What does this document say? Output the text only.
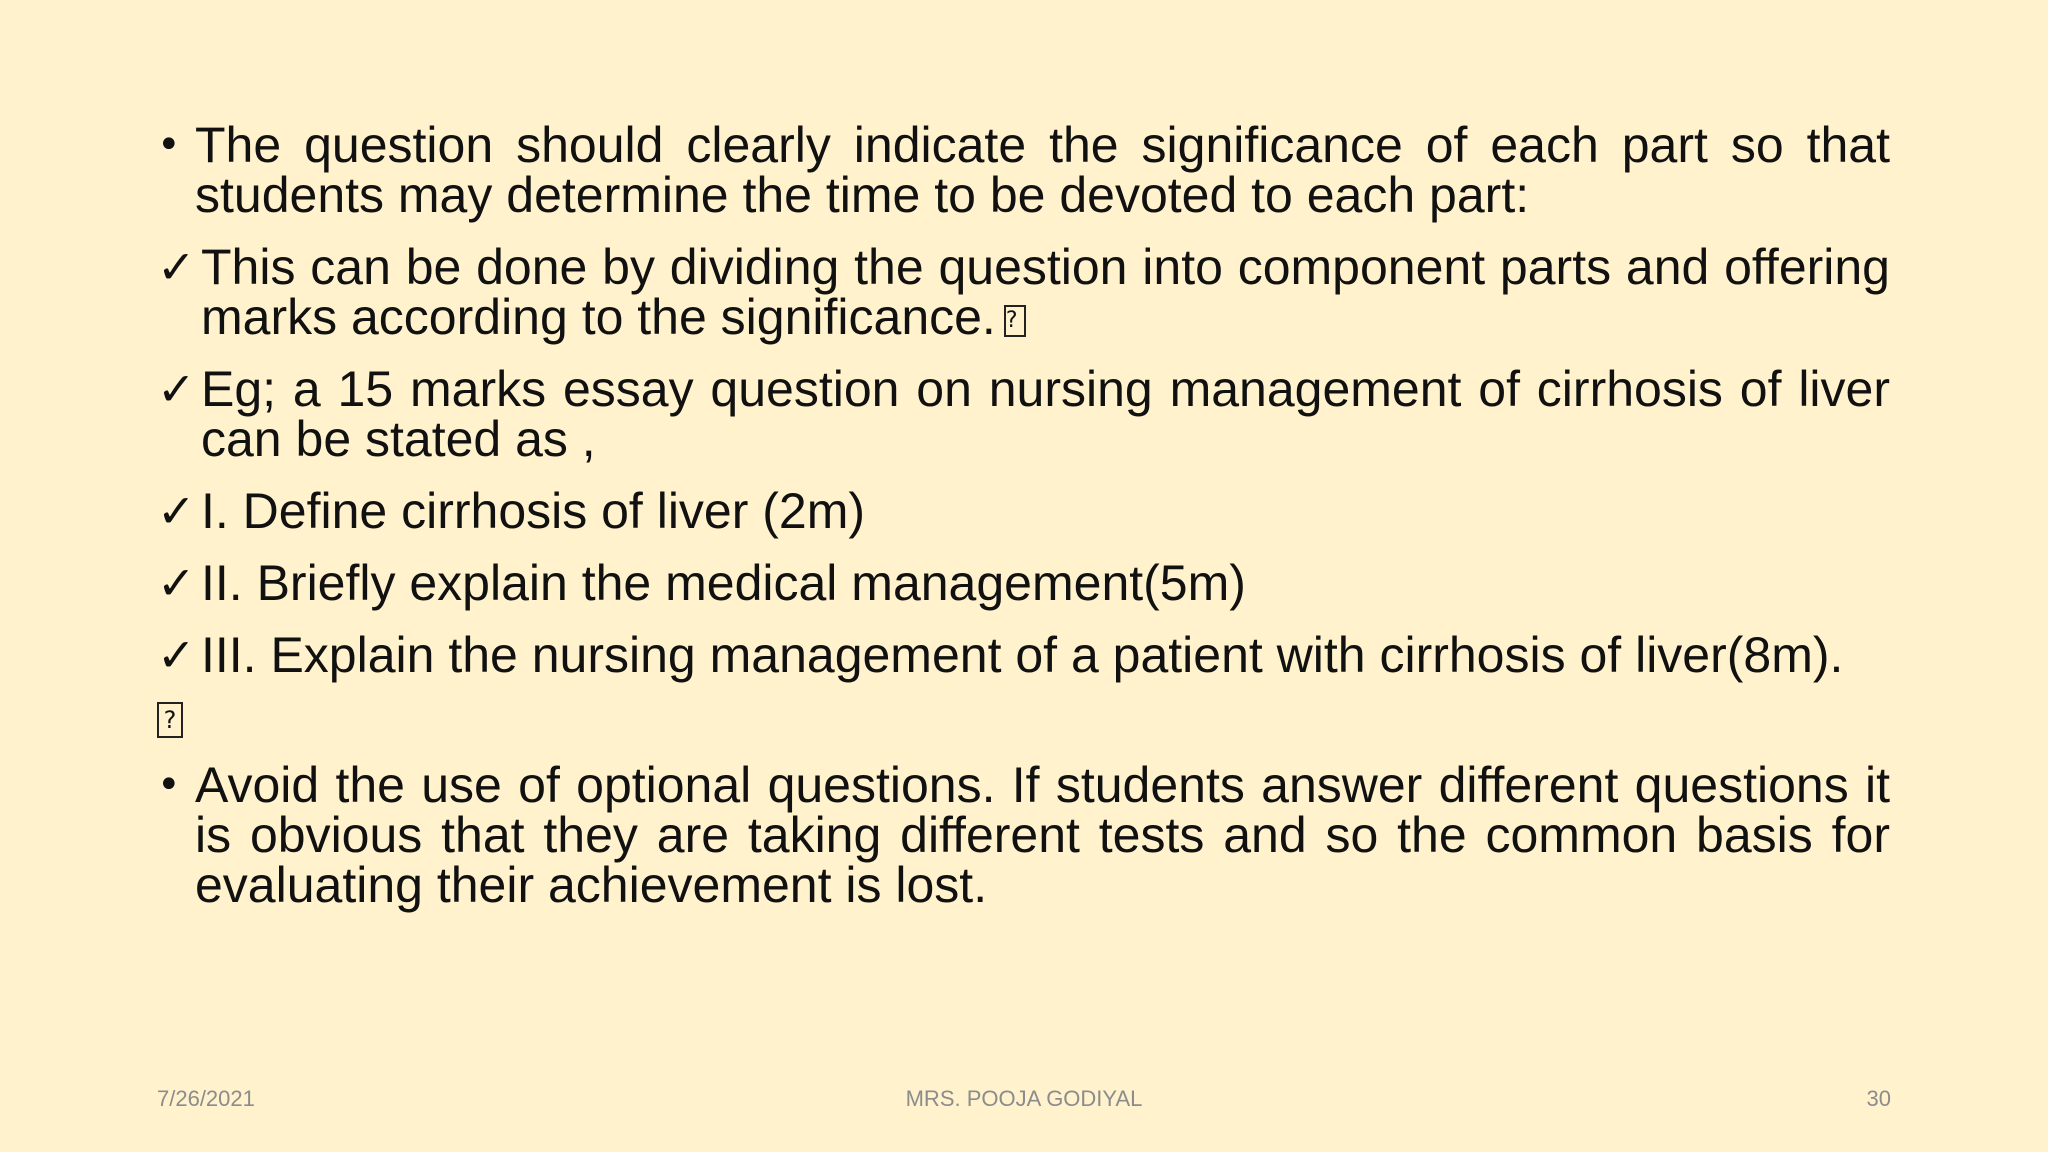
• The question should clearly indicate the significance of each part so that students may determine the time to be devoted to each part:
✓ This can be done by dividing the question into component parts and offering marks according to the significance.?
✓ Eg; a 15 marks essay question on nursing management of cirrhosis of liver can be stated as ,
✓ I. Define cirrhosis of liver (2m)
✓ II. Briefly explain the medical management(5m)
✓ III. Explain the nursing management of a patient with cirrhosis of liver(8m).
?
• Avoid the use of optional questions. If students answer different questions it is obvious that they are taking different tests and so the common basis for evaluating their achievement is lost.
7/26/2021	MRS. POOJA GODIYAL	30
